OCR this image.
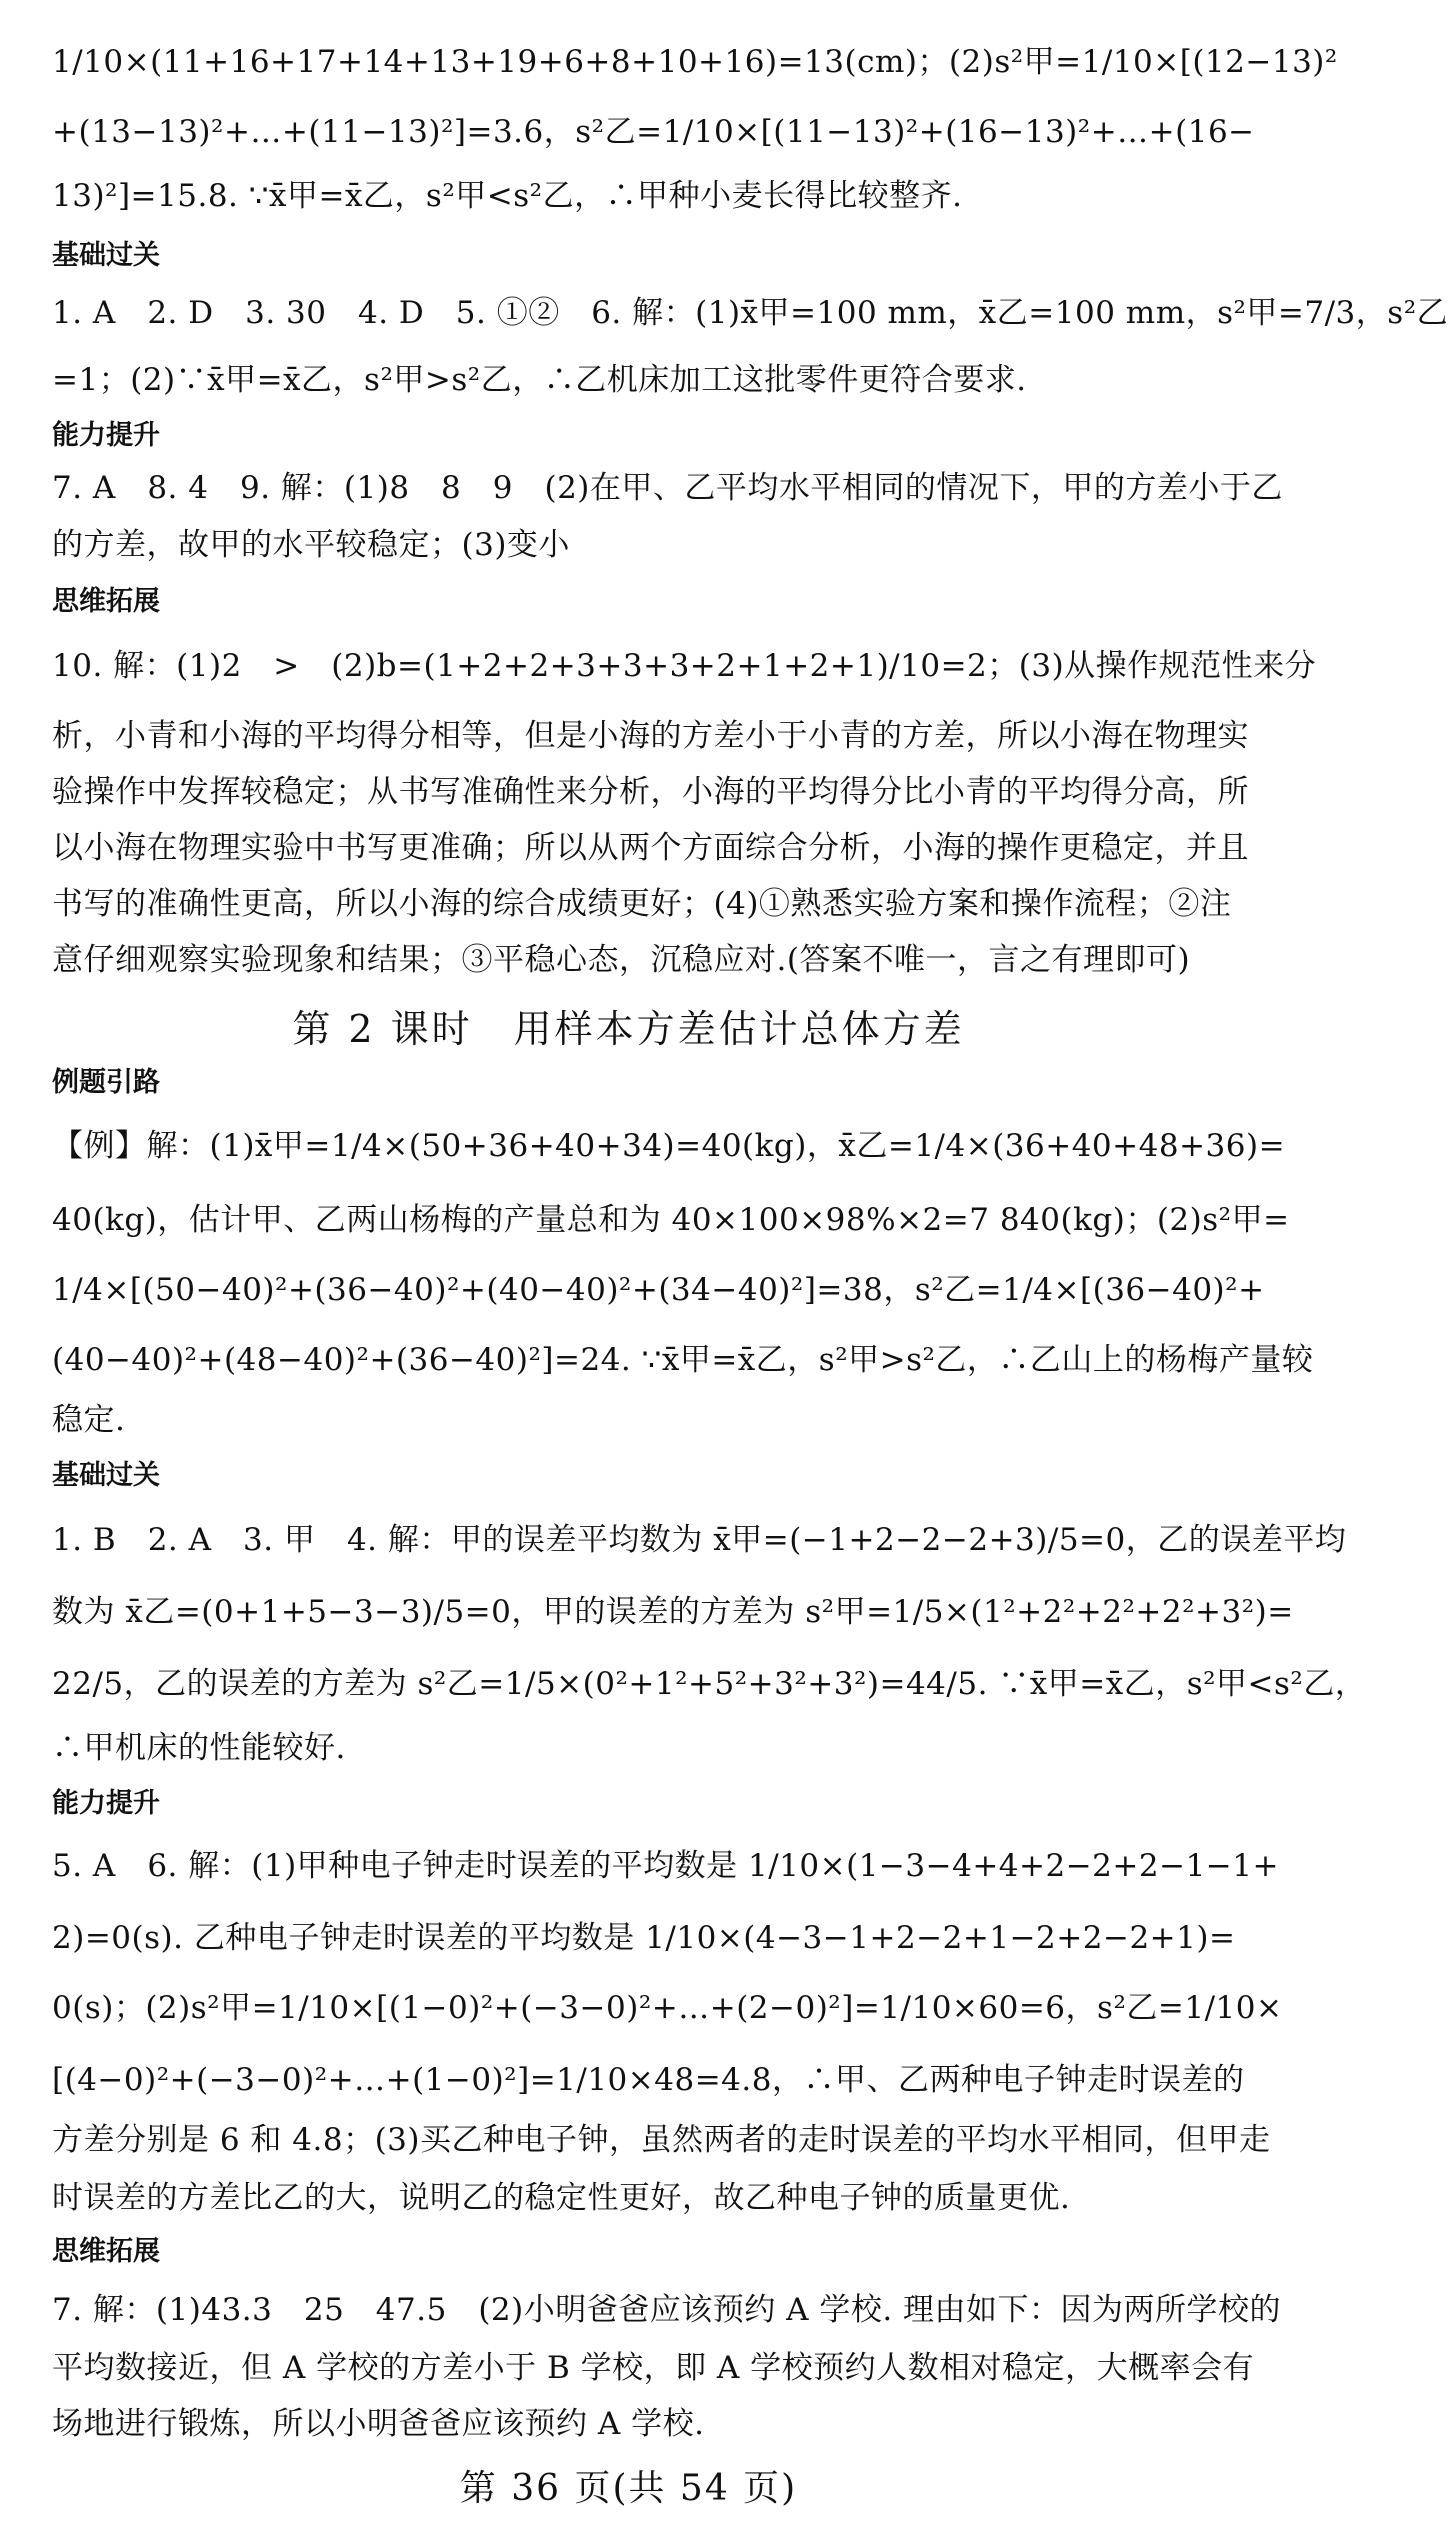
1/10×(11+16+17+14+13+19+6+8+10+16)=13(cm)；(2)s²甲=1/10×[(12−13)²
+(13−13)²+…+(11−13)²]=3.6，s²乙=1/10×[(11−13)²+(16−13)²+…+(16−
13)²]=15.8. ∵x̄甲=x̄乙，s²甲<s²乙，∴甲种小麦长得比较整齐.
基础过关
1. A　2. D　3. 30　4. D　5. ①②　6. 解：(1)x̄甲=100 mm，x̄乙=100 mm，s²甲=7/3，s²乙
=1；(2)∵x̄甲=x̄乙，s²甲>s²乙，∴乙机床加工这批零件更符合要求.
能力提升
7. A　8. 4　9. 解：(1)8　8　9　(2)在甲、乙平均水平相同的情况下，甲的方差小于乙
的方差，故甲的水平较稳定；(3)变小
思维拓展
10. 解：(1)2　>　(2)b=(1+2+2+3+3+3+2+1+2+1)/10=2；(3)从操作规范性来分
析，小青和小海的平均得分相等，但是小海的方差小于小青的方差，所以小海在物理实
验操作中发挥较稳定；从书写准确性来分析，小海的平均得分比小青的平均得分高，所
以小海在物理实验中书写更准确；所以从两个方面综合分析，小海的操作更稳定，并且
书写的准确性更高，所以小海的综合成绩更好；(4)①熟悉实验方案和操作流程；②注
意仔细观察实验现象和结果；③平稳心态，沉稳应对.(答案不唯一，言之有理即可)
第 2 课时　用样本方差估计总体方差
例题引路
【例】解：(1)x̄甲=1/4×(50+36+40+34)=40(kg)，x̄乙=1/4×(36+40+48+36)=
40(kg)，估计甲、乙两山杨梅的产量总和为 40×100×98%×2=7 840(kg)；(2)s²甲=
1/4×[(50−40)²+(36−40)²+(40−40)²+(34−40)²]=38，s²乙=1/4×[(36−40)²+
(40−40)²+(48−40)²+(36−40)²]=24. ∵x̄甲=x̄乙，s²甲>s²乙，∴乙山上的杨梅产量较
稳定.
基础过关
1. B　2. A　3. 甲　4. 解：甲的误差平均数为 x̄甲=(−1+2−2−2+3)/5=0，乙的误差平均
数为 x̄乙=(0+1+5−3−3)/5=0，甲的误差的方差为 s²甲=1/5×(1²+2²+2²+2²+3²)=
22/5，乙的误差的方差为 s²乙=1/5×(0²+1²+5²+3²+3²)=44/5. ∵x̄甲=x̄乙，s²甲<s²乙，
∴甲机床的性能较好.
能力提升
5. A　6. 解：(1)甲种电子钟走时误差的平均数是 1/10×(1−3−4+4+2−2+2−1−1+
2)=0(s). 乙种电子钟走时误差的平均数是 1/10×(4−3−1+2−2+1−2+2−2+1)=
0(s)；(2)s²甲=1/10×[(1−0)²+(−3−0)²+…+(2−0)²]=1/10×60=6，s²乙=1/10×
[(4−0)²+(−3−0)²+…+(1−0)²]=1/10×48=4.8，∴甲、乙两种电子钟走时误差的
方差分别是 6 和 4.8；(3)买乙种电子钟，虽然两者的走时误差的平均水平相同，但甲走
时误差的方差比乙的大，说明乙的稳定性更好，故乙种电子钟的质量更优.
思维拓展
7. 解：(1)43.3　25　47.5　(2)小明爸爸应该预约 A 学校. 理由如下：因为两所学校的
平均数接近，但 A 学校的方差小于 B 学校，即 A 学校预约人数相对稳定，大概率会有
场地进行锻炼，所以小明爸爸应该预约 A 学校.
第 36 页(共 54 页)
